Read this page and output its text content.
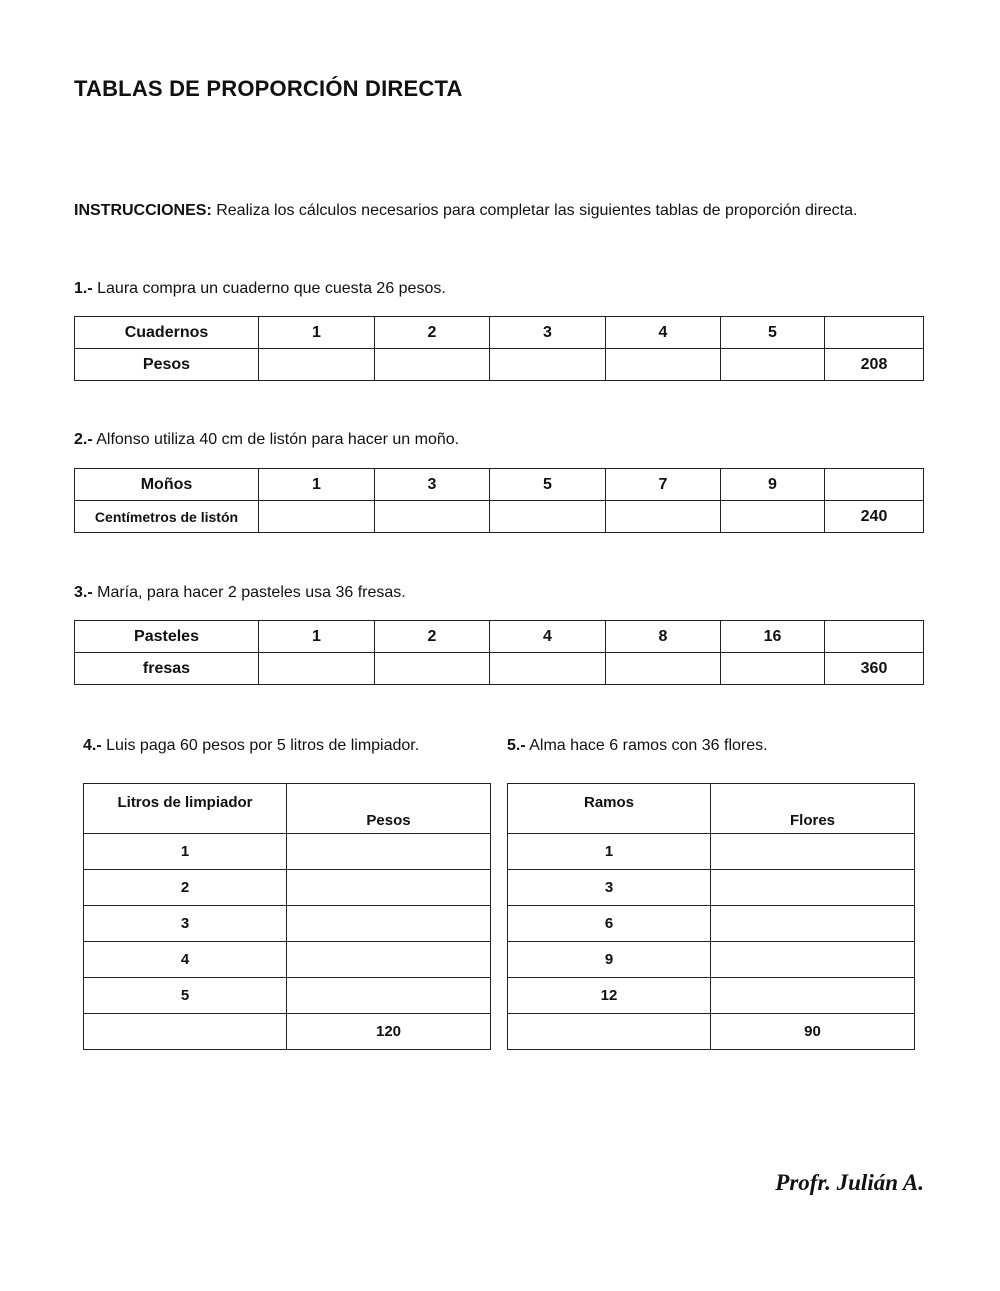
TABLAS DE PROPORCIÓN DIRECTA
INSTRUCCIONES: Realiza los cálculos necesarios para completar las siguientes tablas de proporción directa.
1.- Laura compra un cuaderno que cuesta 26 pesos.
Cuadernos	1	2	3	4	5	
Pesos						208
2.- Alfonso utiliza 40 cm de listón para hacer un moño.
Moños	1	3	5	7	9	
Centímetros de listón						240
3.- María, para hacer 2 pasteles usa 36 fresas.
Pasteles	1	2	4	8	16	
fresas						360
4.- Luis paga 60 pesos por 5 litros de limpiador.
Litros de limpiador	Pesos
1	
2	
3	
4	
5	
	120
5.- Alma hace 6 ramos con 36 flores.
Ramos	Flores
1	
3	
6	
9	
12	
	90
Profr. Julián A.
